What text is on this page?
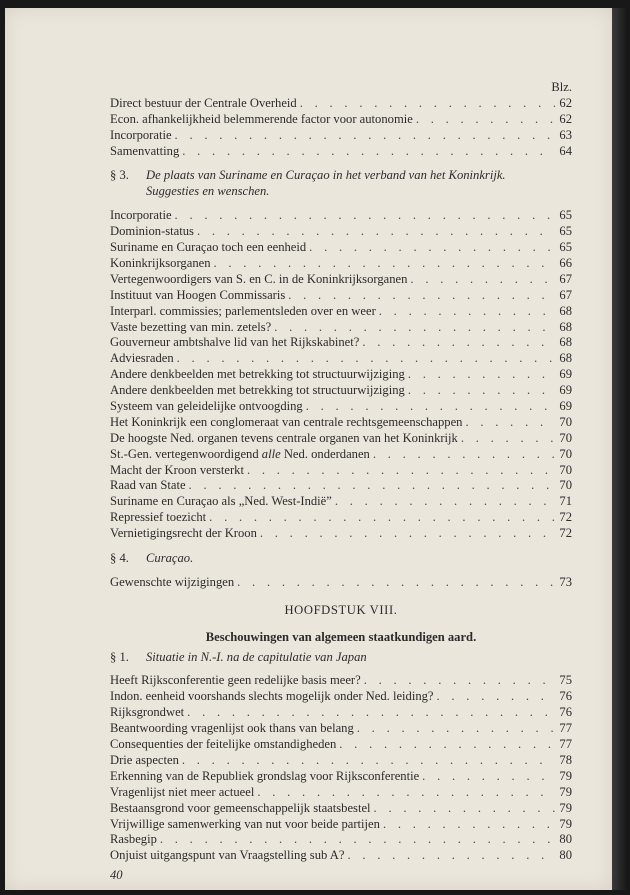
Blz.
Direct bestuur der Centrale Overheid . . .	62
Econ. afhankelijkheid belemmerende factor voor autonomie . . .	62
Incorporatie . . .	63
Samenvatting . . .	64
§ 3. De plaats van Suriname en Curaçao in het verband van het Koninkrijk.
Suggesties en wenschen.
Incorporatie . . .	65
Dominion-status . . .	65
Suriname en Curaçao toch een eenheid . . .	65
Koninkrijksorganen . . .	66
Vertegenwoordigers van S. en C. in de Koninkrijksorganen . . .	67
Instituut van Hoogen Commissaris . . .	67
Interparl. commissies; parlementsleden over en weer . . .	68
Vaste bezetting van min. zetels? . . .	68
Gouverneur ambtshalve lid van het Rijkskabinet? . . .	68
Adviesraden . . .	68
Andere denkbeelden met betrekking tot structuurwijziging . . .	69
Andere denkbeelden met betrekking tot structuurwijziging . . .	69
Systeem van geleidelijke ontvoogding . . .	69
Het Koninkrijk een conglomeraat van centrale rechtsgemeenschappen . . .	70
De hoogste Ned. organen tevens centrale organen van het Koninkrijk . . .	70
St.-Gen. vertegenwoordigend alle Ned. onderdanen . . .	70
Macht der Kroon versterkt . . .	70
Raad van State . . .	70
Suriname en Curaçao als „Ned. West-Indië” . . .	71
Repressief toezicht . . .	72
Vernietigingsrecht der Kroon . . .	72
§ 4. Curaçao.
Gewenschte wijzigingen . . .	73
HOOFDSTUK VIII.
Beschouwingen van algemeen staatkundigen aard.
§ 1. Situatie in N.-I. na de capitulatie van Japan
Heeft Rijksconferentie geen redelijke basis meer? . . .	75
Indon. eenheid voorshands slechts mogelijk onder Ned. leiding? . . .	76
Rijksgrondwet . . .	76
Beantwoording vragenlijst ook thans van belang . . .	77
Consequenties der feitelijke omstandigheden . . .	77
Drie aspecten . . .	78
Erkenning van de Republiek grondslag voor Rijksconferentie . . .	79
Vragenlijst niet meer actueel . . .	79
Bestaansgrond voor gemeenschappelijk staatsbestel . . .	79
Vrijwillige samenwerking van nut voor beide partijen . . .	79
Rasbegip . . .	80
Onjuist uitgangspunt van Vraagstelling sub A? . . .	80
40
